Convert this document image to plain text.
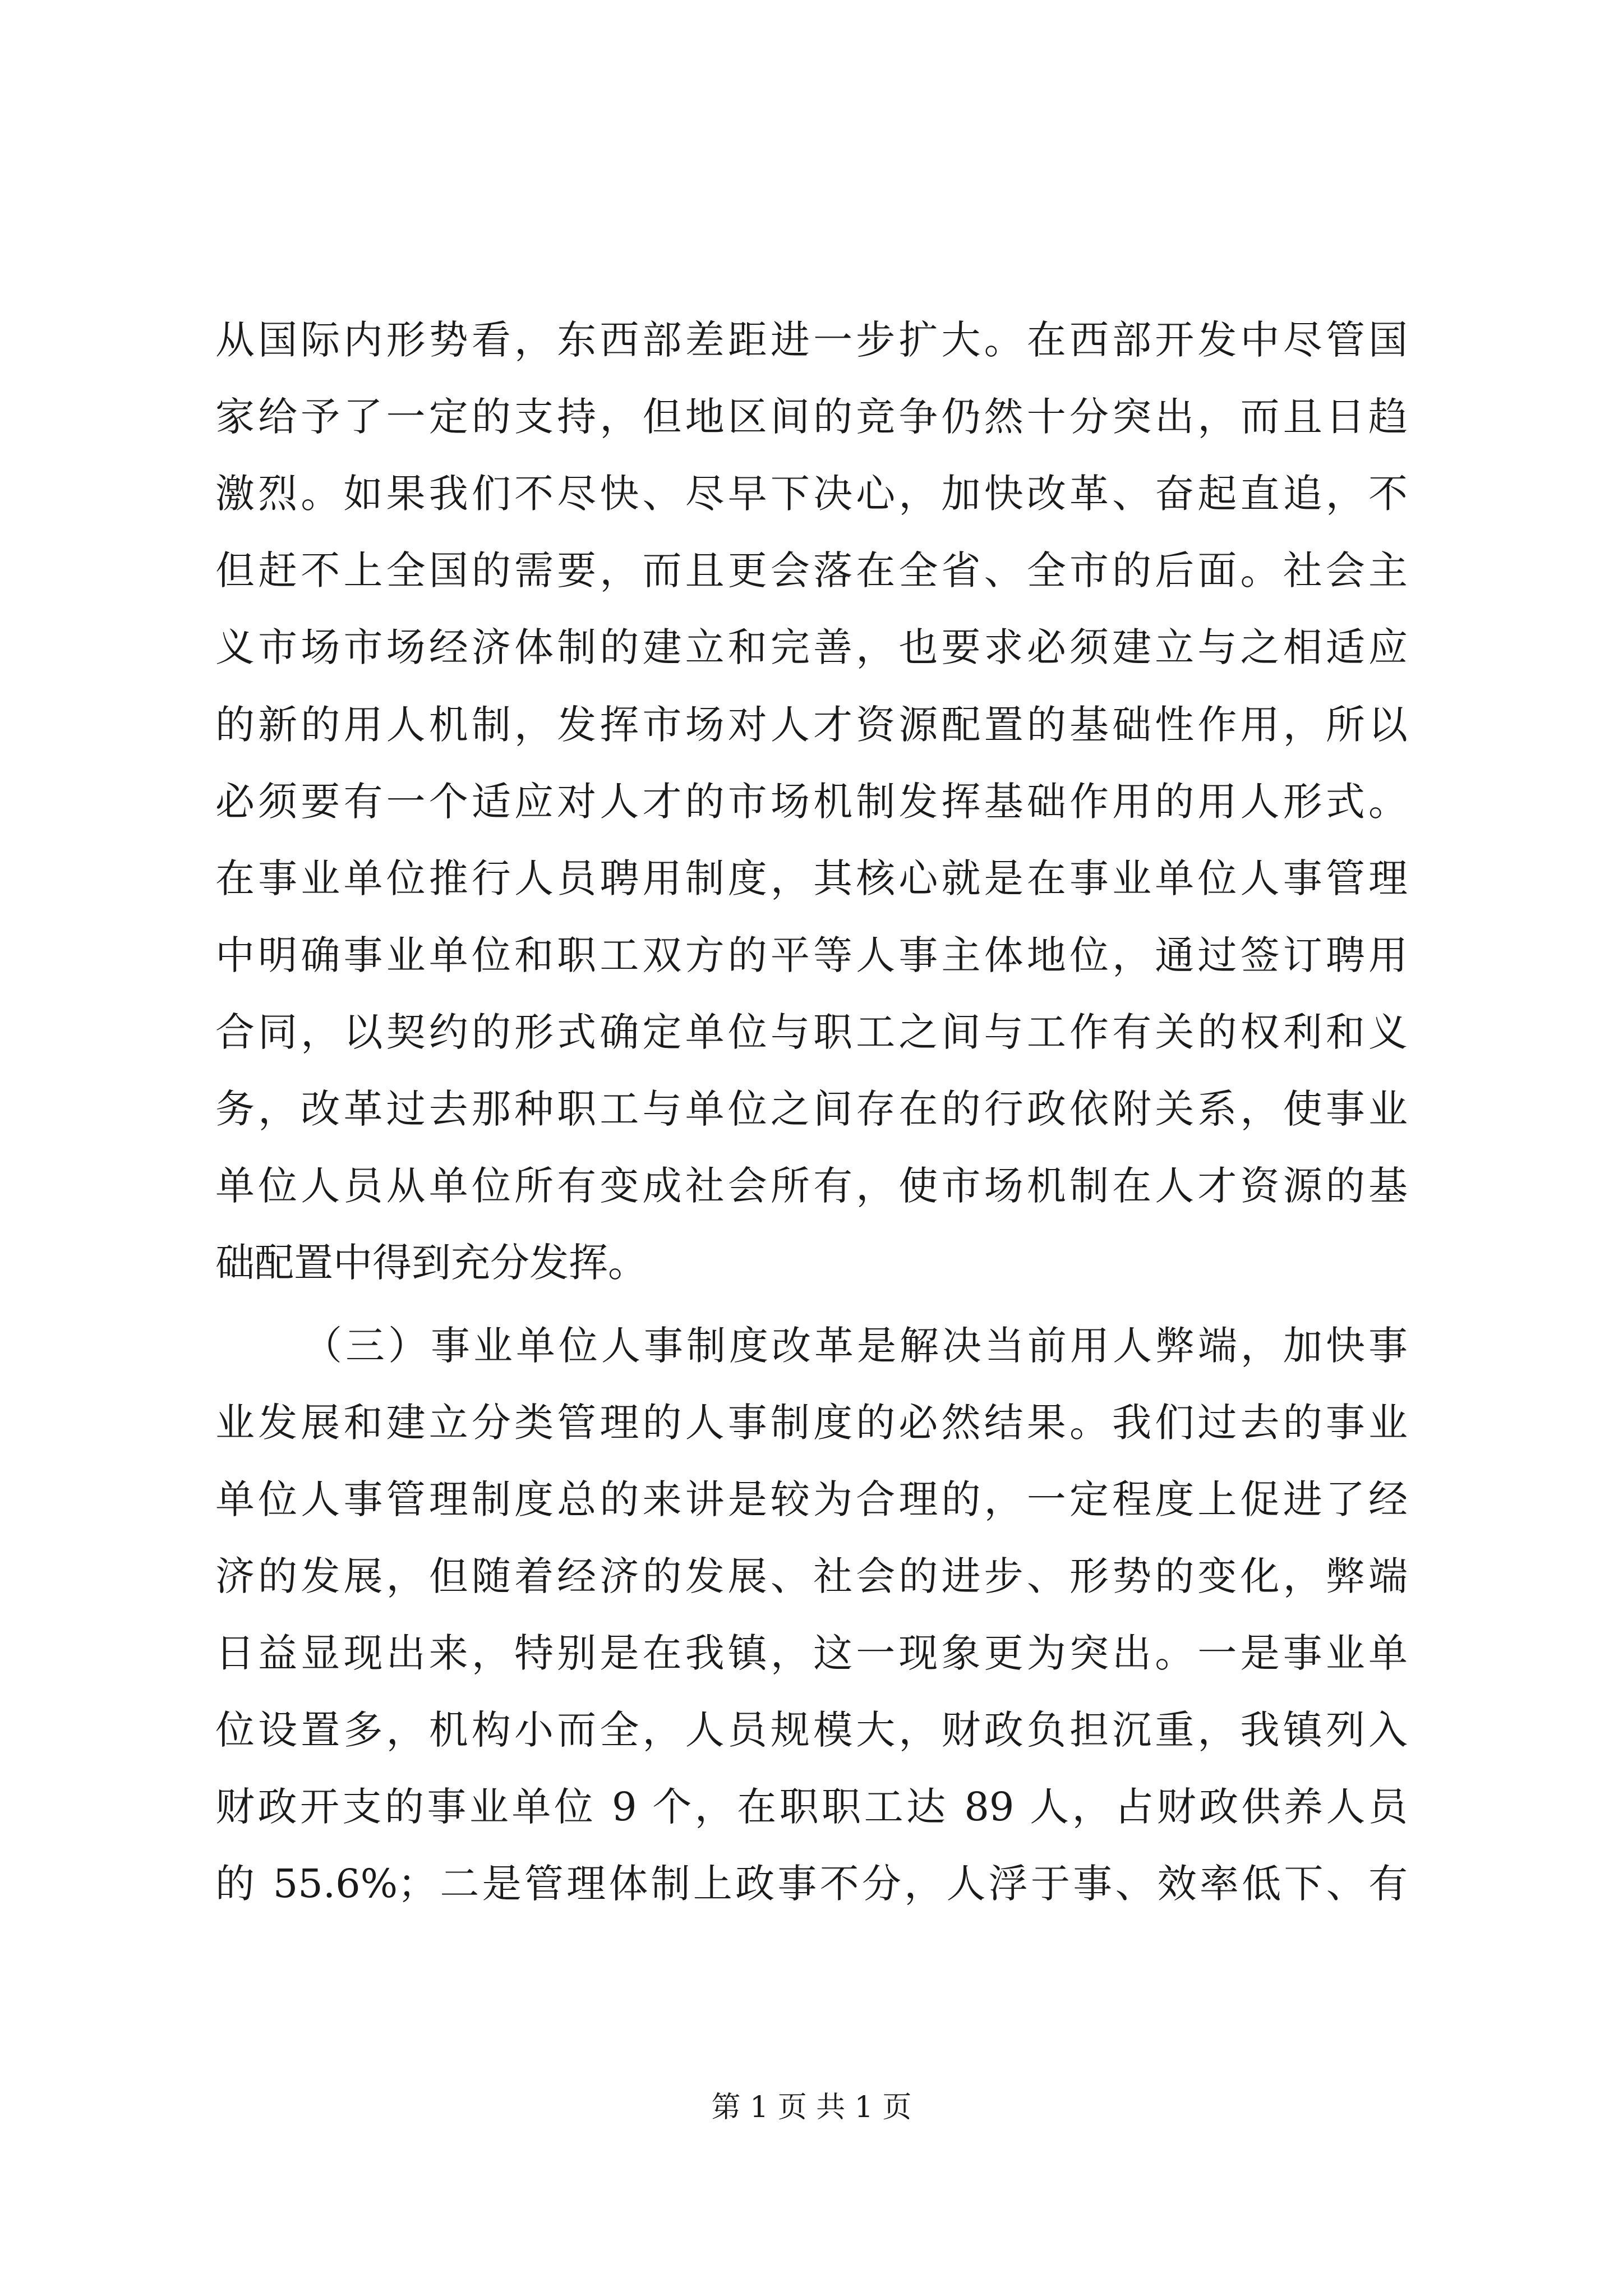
从国际内形势看，东西部差距进一步扩大。在西部开发中尽管国
家给予了一定的支持，但地区间的竞争仍然十分突出，而且日趋
激烈。如果我们不尽快、尽早下决心，加快改革、奋起直追，不
但赶不上全国的需要，而且更会落在全省、全市的后面。社会主
义市场市场经济体制的建立和完善，也要求必须建立与之相适应
的新的用人机制，发挥市场对人才资源配置的基础性作用，所以
必须要有一个适应对人才的市场机制发挥基础作用的用人形式。
在事业单位推行人员聘用制度，其核心就是在事业单位人事管理
中明确事业单位和职工双方的平等人事主体地位，通过签订聘用
合同，以契约的形式确定单位与职工之间与工作有关的权利和义
务，改革过去那种职工与单位之间存在的行政依附关系，使事业
单位人员从单位所有变成社会所有，使市场机制在人才资源的基
础配置中得到充分发挥。
（三）事业单位人事制度改革是解决当前用人弊端，加快事
业发展和建立分类管理的人事制度的必然结果。我们过去的事业
单位人事管理制度总的来讲是较为合理的，一定程度上促进了经
济的发展，但随着经济的发展、社会的进步、形势的变化，弊端
日益显现出来，特别是在我镇，这一现象更为突出。一是事业单
位设置多，机构小而全，人员规模大，财政负担沉重，我镇列入
财政开支的事业单位 9 个，在职职工达 89 人，占财政供养人员
的 55.6%；二是管理体制上政事不分，人浮于事、效率低下、有
第 1 页 共 1 页
